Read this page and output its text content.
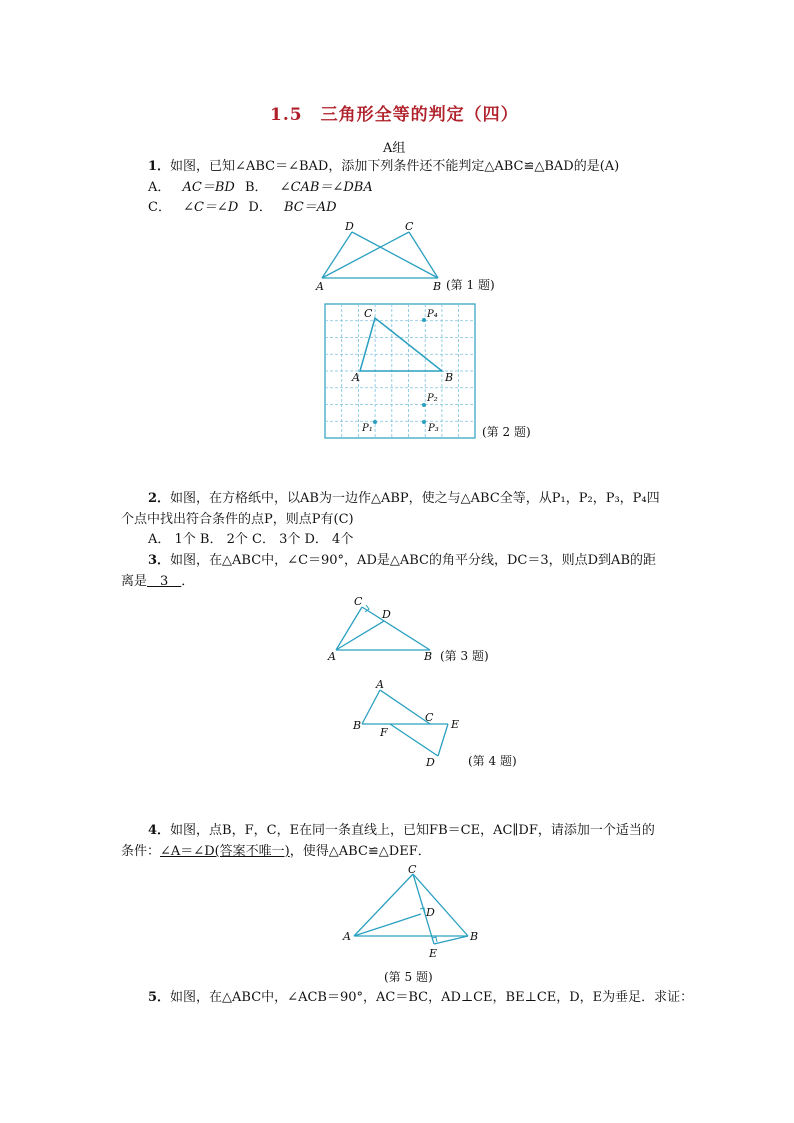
1.5　三角形全等的判定（四）
A组
1．如图，已知∠ABC＝∠BAD，添加下列条件还不能判定△ABC≌△BAD的是(A)
A． AC＝BD B． ∠CAB＝∠DBA
C． ∠C＝∠D D． BC＝AD
D	C
A	B (第 1 题)
C
A	B
P₄
P₂
P₁	P₃	(第 2 题)
2．如图，在方格纸中，以AB为一边作△ABP，使之与△ABC全等，从P₁，P₂，P₃，P₄四
个点中找出符合条件的点P，则点P有(C)
A． 1个 B． 2个 C． 3个 D． 4个
3．如图，在△ABC中，∠C＝90°，AD是△ABC的角平分线，DC＝3，则点D到AB的距
离是　3　．
C
D
A	B (第 3 题)
A
B
F
C
E
D	(第 4 题)
4．如图，点B，F，C，E在同一条直线上，已知FB＝CE，AC∥DF，请添加一个适当的
条件：∠A＝∠D(答案不唯一)，使得△ABC≌△DEF．
C
D
A	B
E
(第 5 题)
5．如图，在△ABC中，∠ACB＝90°，AC＝BC，AD⊥CE，BE⊥CE，D，E为垂足．求证：
